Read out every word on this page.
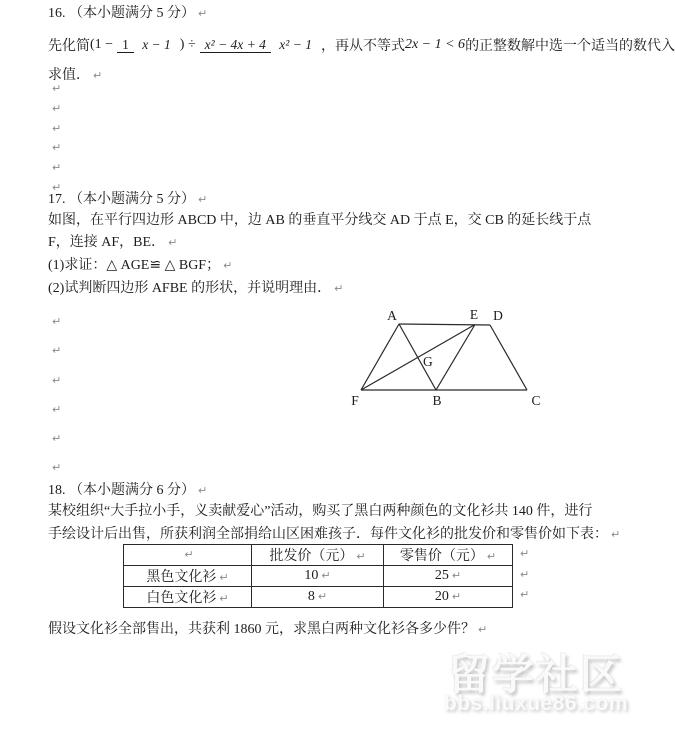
16. （本小题满分 5 分） ↵
先化简 (1 − 1 x − 1 ) ÷ x² − 4x + 4 x² − 1 ，再从不等式 2x − 1 < 6 的正整数解中选一个适当的数代入
求值． ↵
↵
↵
↵
↵
↵
↵
17. （本小题满分 5 分） ↵
如图，在平行四边形 ABCD 中，边 AB 的垂直平分线交 AD 于点 E，交 CB 的延长线于点
F，连接 AF，BE． ↵
(1)求证：△ AGE≌ △ BGF； ↵
(2)试判断四边形 AFBE 的形状，并说明理由． ↵
A	E D
F	B	C
G
↵
↵
↵
↵
↵
↵
18. （本小题满分 6 分） ↵
某校组织“大手拉小手，义卖献爱心”活动，购买了黑白两种颜色的文化衫共 140 件，进行
手绘设计后出售，所获利润全部捐给山区困难孩子．每件文化衫的批发价和零售价如下表： ↵
↵	批发价（元） ↵	零售价（元） ↵
黑色文化衫 ↵	10 ↵	25 ↵
白色文化衫 ↵	8 ↵	20 ↵
↵
↵
↵
假设文化衫全部售出，共获利 1860 元，求黑白两种文化衫各多少件？ ↵
留学社区
bbs.liuxue86.com
